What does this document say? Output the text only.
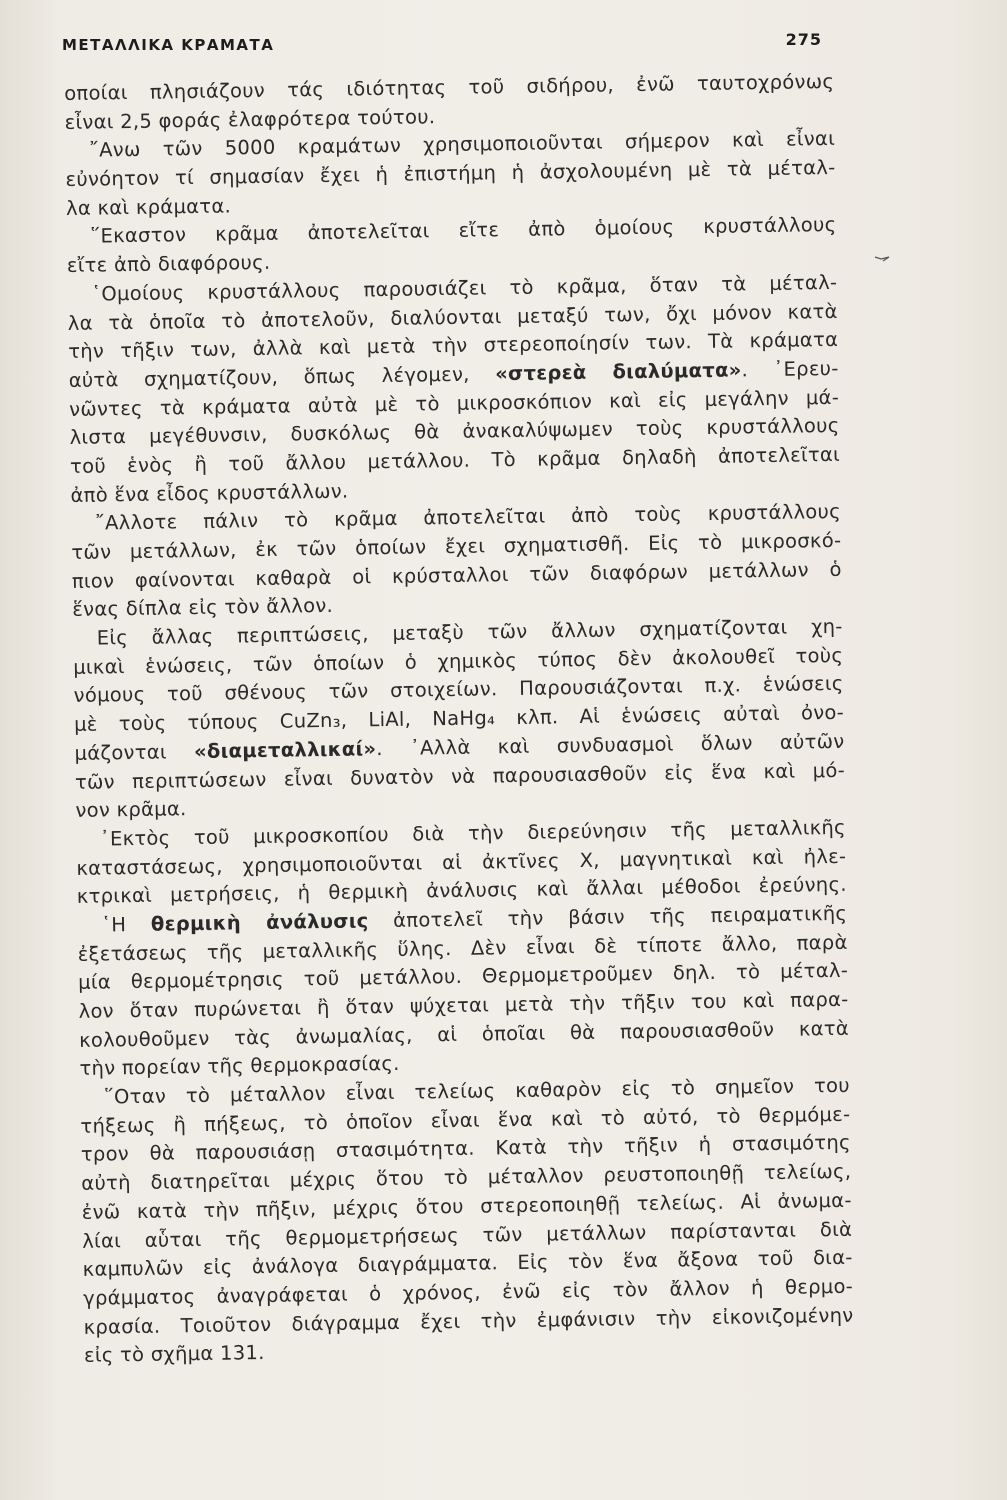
ΜΕΤΑΛΛΙΚΑ ΚΡΑΜΑΤΑ	275
οποίαι πλησιάζουν τάς ιδιότητας τοῦ σιδήρου, ἐνῶ ταυτοχρόνως
εἶναι 2,5 φοράς ἐλαφρότερα τούτου.
῎Ανω τῶν 5000 κραμάτων χρησιμοποιοῦνται σήμερον καὶ εἶναι
εὐνόητον τί σημασίαν ἔχει ἡ ἐπιστήμη ἡ ἀσχολουμένη μὲ τὰ μέταλ-
λα καὶ κράματα.
῞Εκαστον κρᾶμα ἀποτελεῖται εἴτε ἀπὸ ὁμοίους κρυστάλλους
εἴτε ἀπὸ διαφόρους.
῾Ομοίους κρυστάλλους παρουσιάζει τὸ κρᾶμα, ὅταν τὰ μέταλ-
λα τὰ ὁποῖα τὸ ἀποτελοῦν, διαλύονται μεταξύ των, ὄχι μόνον κατὰ
τὴν τῆξιν των, ἀλλὰ καὶ μετὰ τὴν στερεοποίησίν των. Τὰ κράματα
αὐτὰ σχηματίζουν, ὅπως λέγομεν, «στερεὰ διαλύματα». ᾿Ερευ-
νῶντες τὰ κράματα αὐτὰ μὲ τὸ μικροσκόπιον καὶ εἰς μεγάλην μά-
λιστα μεγέθυνσιν, δυσκόλως θὰ ἀνακαλύψωμεν τοὺς κρυστάλλους
τοῦ ἑνὸς ἢ τοῦ ἄλλου μετάλλου. Τὸ κρᾶμα δηλαδὴ ἀποτελεῖται
ἀπὸ ἕνα εἶδος κρυστάλλων.
῎Αλλοτε πάλιν τὸ κρᾶμα ἀποτελεῖται ἀπὸ τοὺς κρυστάλλους
τῶν μετάλλων, ἐκ τῶν ὁποίων ἔχει σχηματισθῆ. Εἰς τὸ μικροσκό-
πιον φαίνονται καθαρὰ οἱ κρύσταλλοι τῶν διαφόρων μετάλλων ὁ
ἕνας δίπλα εἰς τὸν ἄλλον.
Εἰς ἄλλας περιπτώσεις, μεταξὺ τῶν ἄλλων σχηματίζονται χη-
μικαὶ ἑνώσεις, τῶν ὁποίων ὁ χημικὸς τύπος δὲν ἀκολουθεῖ τοὺς
νόμους τοῦ σθένους τῶν στοιχείων. Παρουσιάζονται π.χ. ἑνώσεις
μὲ τοὺς τύπους CuZn₃, LiAl, NaHg₄ κλπ. Αἱ ἑνώσεις αὐταὶ ὀνο-
μάζονται «διαμεταλλικαί». ᾿Αλλὰ καὶ συνδυασμοὶ ὅλων αὐτῶν
τῶν περιπτώσεων εἶναι δυνατὸν νὰ παρουσιασθοῦν εἰς ἕνα καὶ μό-
νον κρᾶμα.
᾿Εκτὸς τοῦ μικροσκοπίου διὰ τὴν διερεύνησιν τῆς μεταλλικῆς
καταστάσεως, χρησιμοποιοῦνται αἱ ἀκτῖνες Χ, μαγνητικαὶ καὶ ἠλε-
κτρικαὶ μετρήσεις, ἡ θερμικὴ ἀνάλυσις καὶ ἄλλαι μέθοδοι ἐρεύνης.
῾Η θερμικὴ ἀνάλυσις ἀποτελεῖ τὴν βάσιν τῆς πειραματικῆς
ἐξετάσεως τῆς μεταλλικῆς ὕλης. Δὲν εἶναι δὲ τίποτε ἄλλο, παρὰ
μία θερμομέτρησις τοῦ μετάλλου. Θερμομετροῦμεν δηλ. τὸ μέταλ-
λον ὅταν πυρώνεται ἢ ὅταν ψύχεται μετὰ τὴν τῆξιν του καὶ παρα-
κολουθοῦμεν τὰς ἀνωμαλίας, αἱ ὁποῖαι θὰ παρουσιασθοῦν κατὰ
τὴν πορείαν τῆς θερμοκρασίας.
῞Οταν τὸ μέταλλον εἶναι τελείως καθαρὸν εἰς τὸ σημεῖον του
τήξεως ἢ πήξεως, τὸ ὁποῖον εἶναι ἕνα καὶ τὸ αὐτό, τὸ θερμόμε-
τρον θὰ παρουσιάσῃ στασιμότητα. Κατὰ τὴν τῆξιν ἡ στασιμότης
αὐτὴ διατηρεῖται μέχρις ὅτου τὸ μέταλλον ρευστοποιηθῇ τελείως,
ἐνῶ κατὰ τὴν πῆξιν, μέχρις ὅτου στερεοποιηθῇ τελείως. Αἱ ἀνωμα-
λίαι αὗται τῆς θερμομετρήσεως τῶν μετάλλων παρίστανται διὰ
καμπυλῶν εἰς ἀνάλογα διαγράμματα. Εἰς τὸν ἕνα ἄξονα τοῦ δια-
γράμματος ἀναγράφεται ὁ χρόνος, ἐνῶ εἰς τὸν ἄλλον ἡ θερμο-
κρασία. Τοιοῦτον διάγραμμα ἔχει τὴν ἐμφάνισιν τὴν εἰκονιζομένην
εἰς τὸ σχῆμα 131.
